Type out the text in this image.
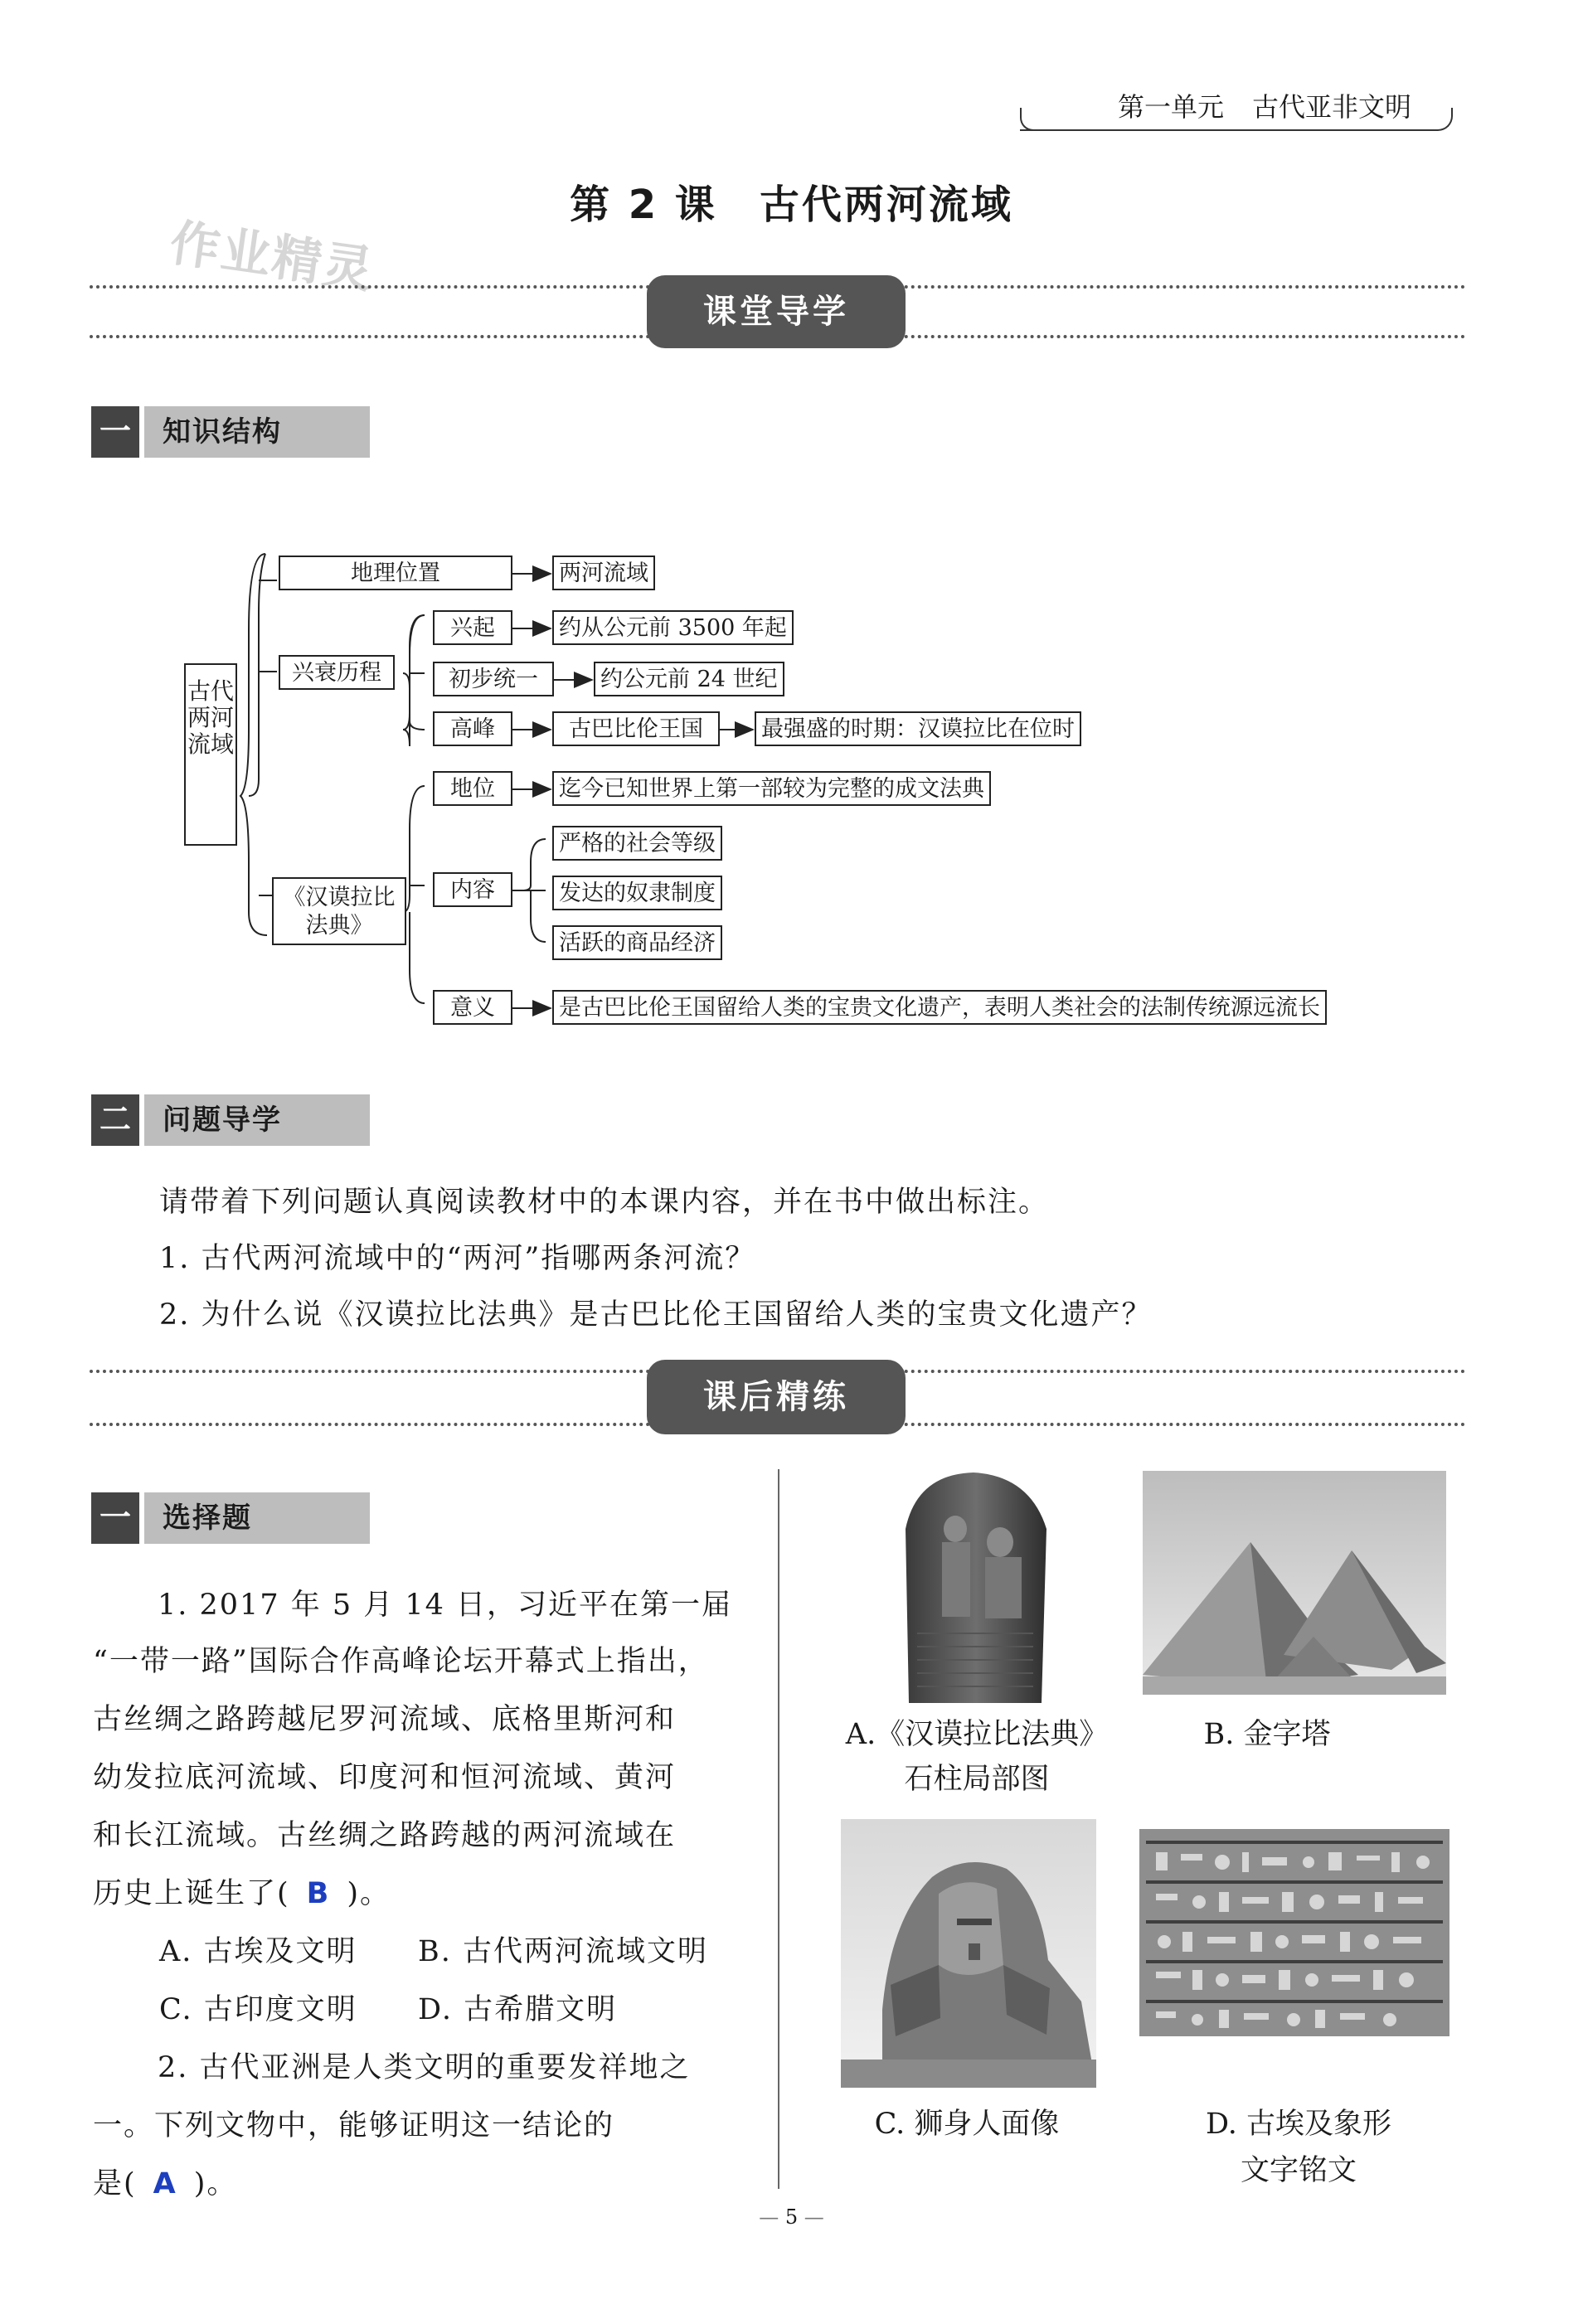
第一单元 古代亚非文明
第 2 课　古代两河流域
作业精灵
课堂导学
一	知识结构
古代两河流域
地理位置	两河流域
兴衰历程
兴起	约从公元前 3500 年起
初步统一	约公元前 24 世纪
高峰	古巴比伦王国	最强盛的时期：汉谟拉比在位时
《汉谟拉比法典》
地位	迄今已知世界上第一部较为完整的成文法典
内容
严格的社会等级
发达的奴隶制度
活跃的商品经济
意义	是古巴比伦王国留给人类的宝贵文化遗产，表明人类社会的法制传统源远流长
二	问题导学
请带着下列问题认真阅读教材中的本课内容，并在书中做出标注。
1. 古代两河流域中的“两河”指哪两条河流？
2. 为什么说《汉谟拉比法典》是古巴比伦王国留给人类的宝贵文化遗产？
课后精练
一	选择题
1. 2017 年 5 月 14 日，习近平在第一届
“一带一路”国际合作高峰论坛开幕式上指出，
古丝绸之路跨越尼罗河流域、底格里斯河和
幼发拉底河流域、印度河和恒河流域、黄河
和长江流域。古丝绸之路跨越的两河流域在
历史上诞生了( B )。
A. 古埃及文明 B. 古代两河流域文明
C. 古印度文明 D. 古希腊文明
2. 古代亚洲是人类文明的重要发祥地之
一。下列文物中，能够证明这一结论的
是( A )。
A.《汉谟拉比法典》
石柱局部图
B. 金字塔
C. 狮身人面像	D. 古埃及象形
文字铭文
— 5 —
